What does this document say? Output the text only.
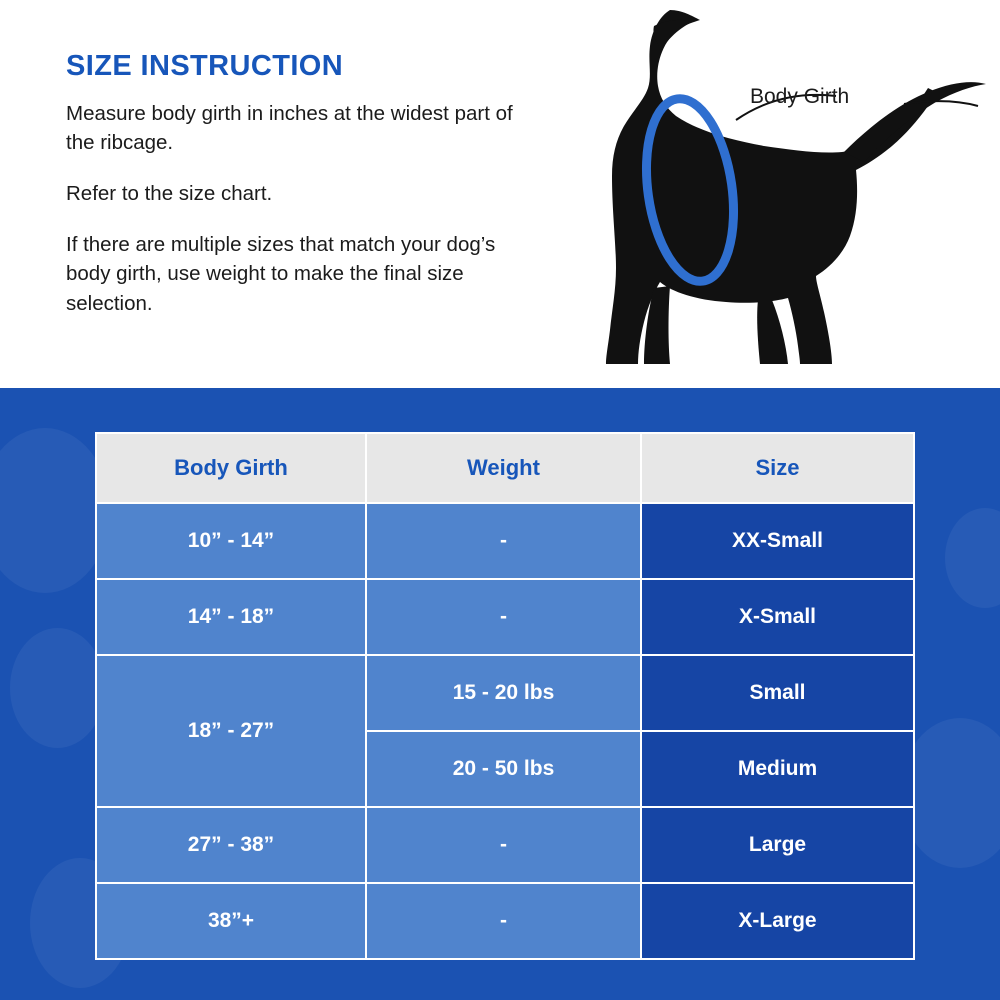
SIZE INSTRUCTION

Measure body girth in inches at the widest part of the ribcage.

Refer to the size chart.

If there are multiple sizes that match your dog’s body girth, use weight to make the final size selection.

Body Girth
Body Girth	Weight	Size
10” - 14”	-	XX-Small
14” - 18”	-	X-Small
18” - 27”	15 - 20 lbs	Small
	20 - 50 lbs	Medium
27” - 38”	-	Large
38”+	-	X-Large
